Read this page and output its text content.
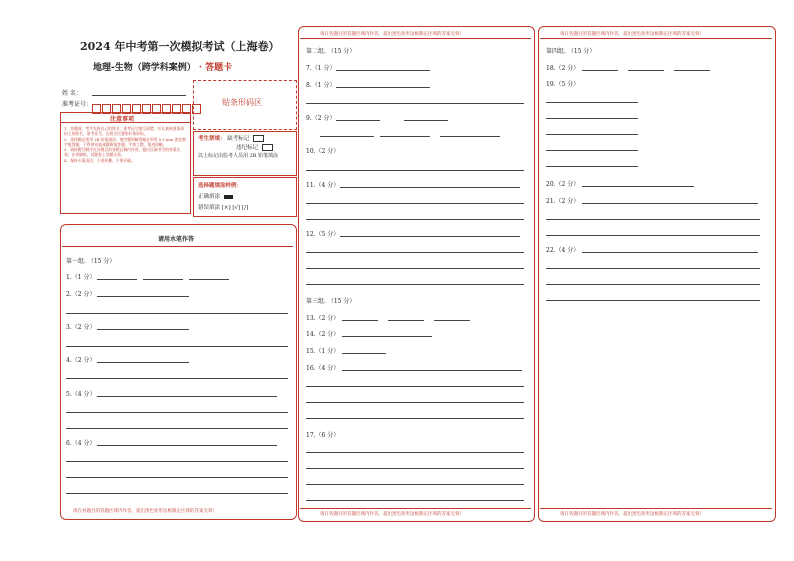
2024 年中考第一次模拟考试（上海卷）
地理-生物（跨学科案例） · 答题卡
姓 名：
准考证号：	贴条形码区
注意事项
1．答题前，考生先将自己的姓名，准考证号填写清楚，并认真核准条形码上的姓名、准考证号，在规定位置贴好条形码。
2．选择题必须用 2B 铅笔填涂；填空题和解答题必须用 0.5 mm 黑色签字笔答题，不得用铅笔或圆珠笔答题；字体工整、笔迹清晰。
3．请按题号顺序在各题目的答题区域内作答，超出区域书写的答案无效；在草稿纸、试题卷上答题无效。
4．保持卡面清洁，不要折叠、不要弄破。
考生禁填： 缺考标记
违纪标记
以上标记由监考人员用 2B 铅笔填涂
选择题填涂样例：
正确填涂
错误填涂 [×] [√] [/]
请用水笔作答
第一组. （15 分）
1.（1 分）
2.（2 分）
3.（2 分）
4.（2 分）
5.（4 分）
6.（4 分）
请在各题目的答题区域内作答，超出黑色矩形边框限定区域的答案无效！
请在各题目的答题区域内作答，超出黑色矩形边框限定区域的答案无效！
第二组. （15 分）
7.（1 分）
8.（1 分）
9.（2 分）
10.（2 分）
11.（4 分）
12.（5 分）
第三组. （15 分）
13.（2 分）
14.（2 分）
15.（1 分）
16.（4 分）
17.（6 分）
请在各题目的答题区域内作答，超出黑色矩形边框限定区域的答案无效！
请在各题目的答题区域内作答，超出黑色矩形边框限定区域的答案无效！
第四组. （15 分）
18.（2 分）
19.（5 分）
20.（2 分）
21.（2 分）
22.（4 分）
请在各题目的答题区域内作答，超出黑色矩形边框限定区域的答案无效！
